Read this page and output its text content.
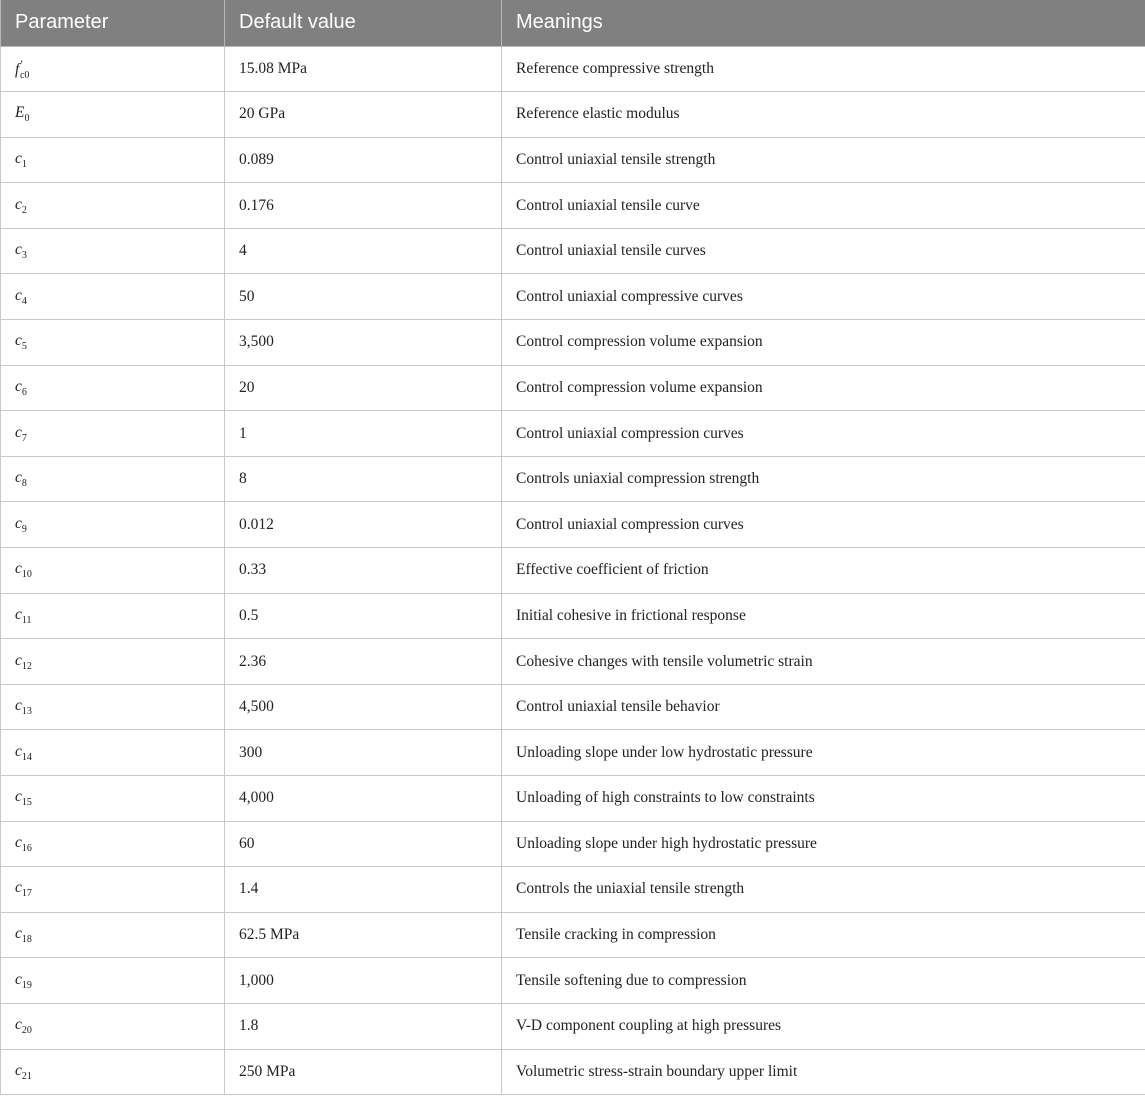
Parameter	Default value	Meanings
$f'_{c0}$	15.08 MPa	Reference compressive strength
$E_0$	20 GPa	Reference elastic modulus
$c_1$	0.089	Control uniaxial tensile strength
$c_2$	0.176	Control uniaxial tensile curve
$c_3$	4	Control uniaxial tensile curves
$c_4$	50	Control uniaxial compressive curves
$c_5$	3,500	Control compression volume expansion
$c_6$	20	Control compression volume expansion
$c_7$	1	Control uniaxial compression curves
$c_8$	8	Controls uniaxial compression strength
$c_9$	0.012	Control uniaxial compression curves
$c_{10}$	0.33	Effective coefficient of friction
$c_{11}$	0.5	Initial cohesive in frictional response
$c_{12}$	2.36	Cohesive changes with tensile volumetric strain
$c_{13}$	4,500	Control uniaxial tensile behavior
$c_{14}$	300	Unloading slope under low hydrostatic pressure
$c_{15}$	4,000	Unloading of high constraints to low constraints
$c_{16}$	60	Unloading slope under high hydrostatic pressure
$c_{17}$	1.4	Controls the uniaxial tensile strength
$c_{18}$	62.5 MPa	Tensile cracking in compression
$c_{19}$	1,000	Tensile softening due to compression
$c_{20}$	1.8	V-D component coupling at high pressures
$c_{21}$	250 MPa	Volumetric stress-strain boundary upper limit
